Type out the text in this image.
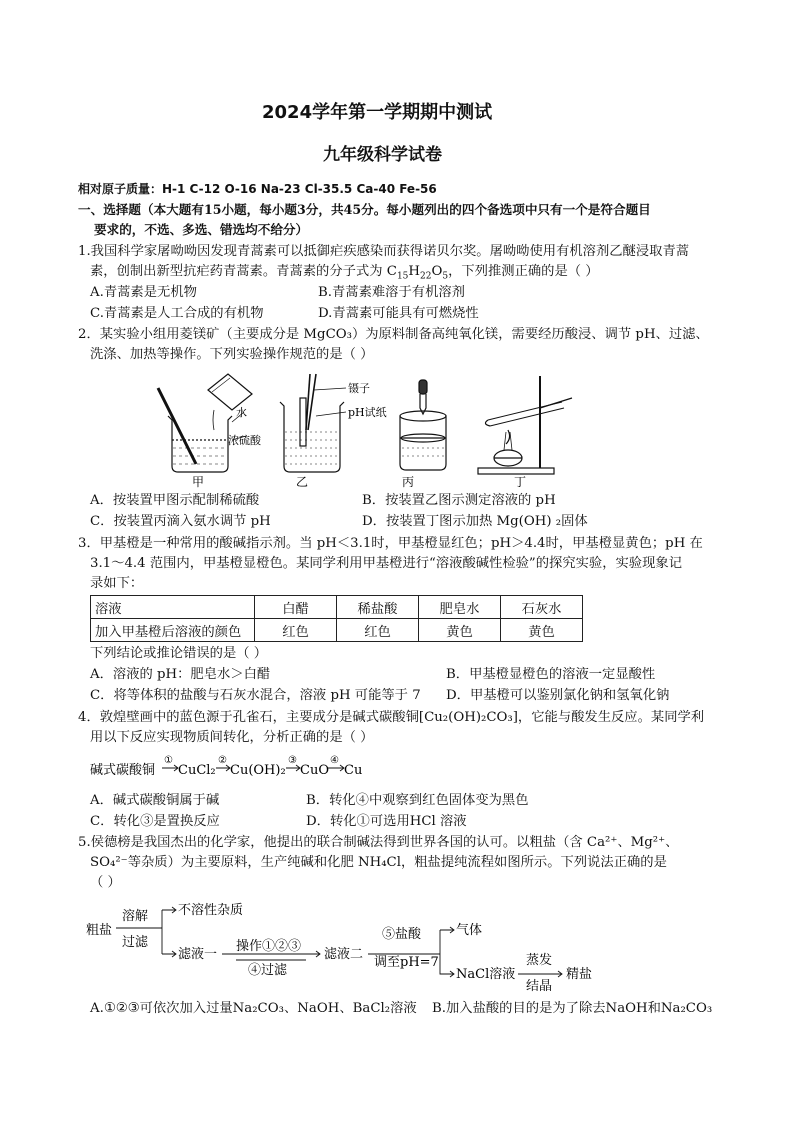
2024学年第一学期期中测试
九年级科学试卷
相对原子质量：H-1 C-12 O-16 Na-23 Cl-35.5 Ca-40 Fe-56
一、选择题（本大题有15小题，每小题3分，共45分。每小题列出的四个备选项中只有一个是符合题目
要求的，不选、多选、错选均不给分）
1.我国科学家屠呦呦因发现青蒿素可以抵御疟疾感染而获得诺贝尔奖。屠呦呦使用有机溶剂乙醚浸取青蒿
素，创制出新型抗疟药青蒿素。青蒿素的分子式为 $C_{15}H_{22}O_5$，下列推测正确的是（ ）
A.青蒿素是无机物	B.青蒿素难溶于有机溶剂
C.青蒿素是人工合成的有机物	D.青蒿素可能具有可燃烧性
2．某实验小组用菱镁矿（主要成分是 MgCO₃）为原料制备高纯氧化镁，需要经历酸浸、调节 pH、过滤、
洗涤、加热等操作。下列实验操作规范的是（ ）
甲	乙	丙	丁
水
浓硫酸
镊子
pH试纸
A．按装置甲图示配制稀硫酸	B．按装置乙图示测定溶液的 pH
C．按装置丙滴入氨水调节 pH	D．按装置丁图示加热 Mg(OH) ₂固体
3．甲基橙是一种常用的酸碱指示剂。当 pH＜3.1时，甲基橙显红色；pH＞4.4时，甲基橙显黄色；pH 在
3.1～4.4 范围内，甲基橙显橙色。某同学利用甲基橙进行“溶液酸碱性检验”的探究实验，实验现象记
录如下：
溶液	白醋	稀盐酸	肥皂水	石灰水
加入甲基橙后溶液的颜色	红色	红色	黄色	黄色
下列结论或推论错误的是（ ）
A．溶液的 pH：肥皂水＞白醋	B．甲基橙显橙色的溶液一定显酸性
C．将等体积的盐酸与石灰水混合，溶液 pH 可能等于 7 D．甲基橙可以鉴别氯化钠和氢氧化钠
4．敦煌壁画中的蓝色源于孔雀石，主要成分是碱式碳酸铜[Cu₂(OH)₂CO₃]，它能与酸发生反应。某同学利
用以下反应实现物质间转化，分析正确的是（ ）
碱式碳酸铜
①
CuCl₂
②
Cu(OH)₂
③
CuO
④
Cu
A．碱式碳酸铜属于碱	B．转化④中观察到红色固体变为黑色
C．转化③是置换反应	D．转化①可选用HCl 溶液
5.侯德榜是我国杰出的化学家，他提出的联合制碱法得到世界各国的认可。以粗盐（含 Ca²⁺、Mg²⁺、
SO₄²⁻等杂质）为主要原料，生产纯碱和化肥 NH₄Cl，粗盐提纯流程如图所示。下列说法正确的是
（ ）
粗盐
溶解
过滤
不溶性杂质
滤液一
操作①②③
④过滤
滤液二
⑤盐酸
调至pH=7
气体
NaCl溶液
蒸发
结晶
精盐
A.①②③可依次加入过量Na₂CO₃、NaOH、BaCl₂溶液 B.加入盐酸的目的是为了除去NaOH和Na₂CO₃
